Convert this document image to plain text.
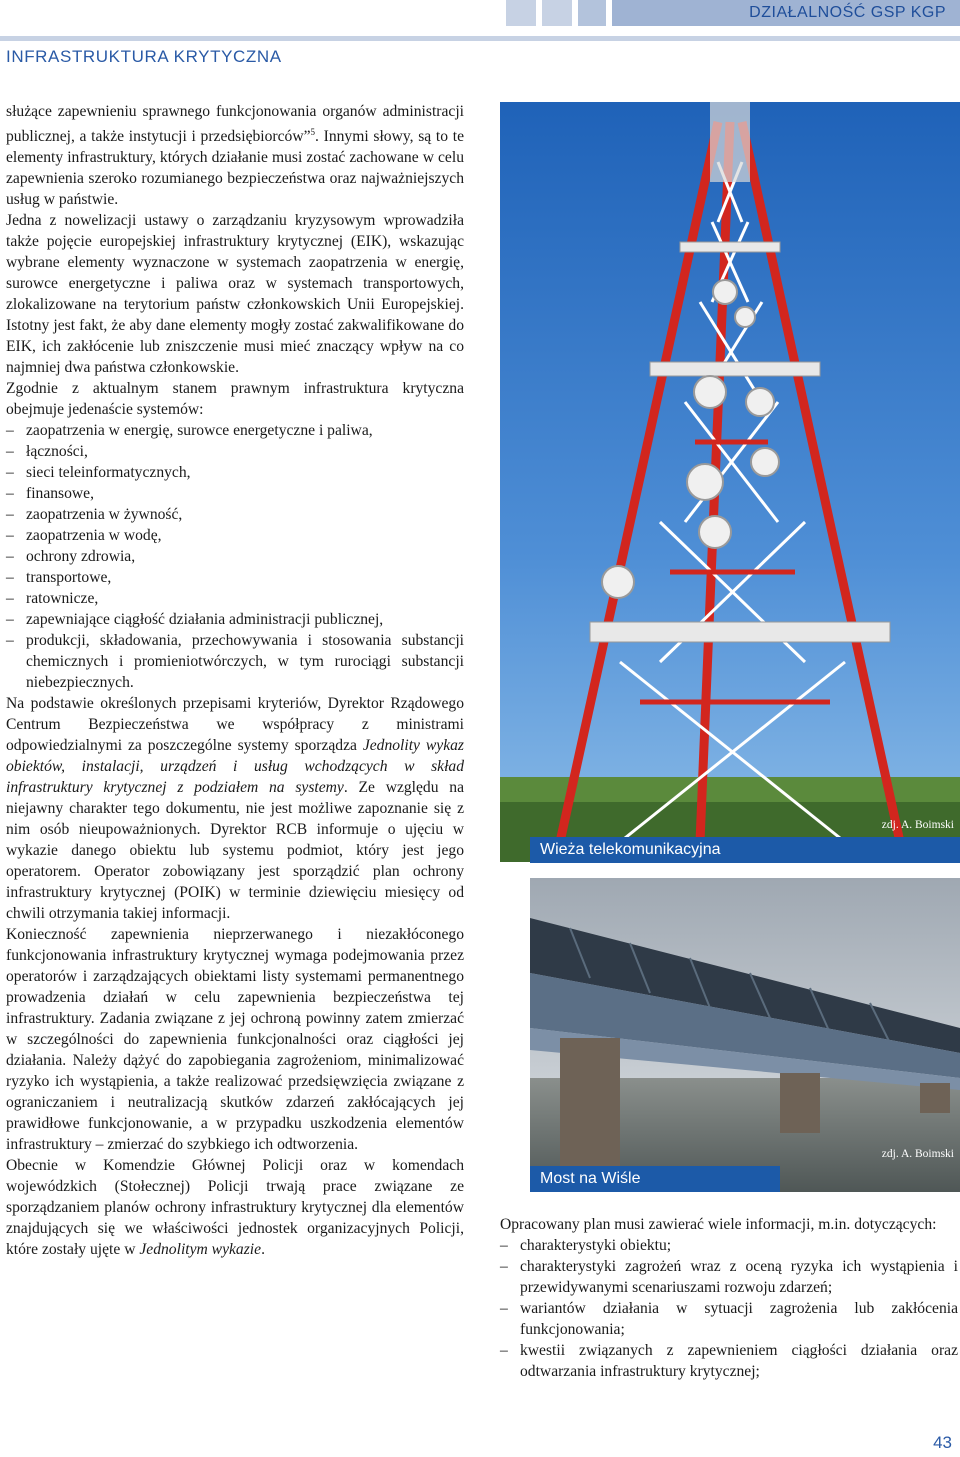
DZIAŁALNOŚĆ GSP KGP
INFRASTRUKTURA KRYTYCZNA

służące zapewnieniu sprawnego funkcjonowania organów administracji publicznej, a także instytucji i przedsiębiorców”$^5$. Innymi słowy, są to te elementy infrastruktury, których działanie musi zostać zachowane w celu zapewnienia szeroko rozumianego bezpieczeństwa oraz najważniejszych usług w państwie.

Jedna z nowelizacji ustawy o zarządzaniu kryzysowym wprowadziła także pojęcie europejskiej infrastruktury krytycznej (EIK), wskazując wybrane elementy wyznaczone w systemach zaopatrzenia w energię, surowce energetyczne i paliwa oraz w systemach transportowych, zlokalizowane na terytorium państw członkowskich Unii Europejskiej. Istotny jest fakt, że aby dane elementy mogły zostać zakwalifikowane do EIK, ich zakłócenie lub zniszczenie musi mieć znaczący wpływ na co najmniej dwa państwa członkowskie.

Zgodnie z aktualnym stanem prawnym infrastruktura krytyczna obejmuje jedenaście systemów:

– zaopatrzenia w energię, surowce energetyczne i paliwa,
– łączności,
– sieci teleinformatycznych,
– finansowe,
– zaopatrzenia w żywność,
– zaopatrzenia w wodę,
– ochrony zdrowia,
– transportowe,
– ratownicze,
– zapewniające ciągłość działania administracji publicznej,
– produkcji, składowania, przechowywania i stosowania substancji chemicznych i promieniotwórczych, w tym rurociągi substancji niebezpiecznych.

Na podstawie określonych przepisami kryteriów, Dyrektor Rządowego Centrum Bezpieczeństwa we współpracy z ministrami odpowiedzialnymi za poszczególne systemy sporządza Jednolity wykaz obiektów, instalacji, urządzeń i usług wchodzących w skład infrastruktury krytycznej z podziałem na systemy. Ze względu na niejawny charakter tego dokumentu, nie jest możliwe zapoznanie się z nim osób nieupoważnionych. Dyrektor RCB informuje o ujęciu w wykazie danego obiektu lub systemu podmiot, który jest jego operatorem. Operator zobowiązany jest sporządzić plan ochrony infrastruktury krytycznej (POIK) w terminie dziewięciu miesięcy od chwili otrzymania takiej informacji.

Konieczność zapewnienia nieprzerwanego i niezakłóconego funkcjonowania infrastruktury krytycznej wymaga podejmowania przez operatorów i zarządzających obiektami listy systemami permanentnego prowadzenia działań w celu zapewnienia bezpieczeństwa tej infrastruktury. Zadania związane z jej ochroną powinny zatem zmierzać w szczególności do zapewnienia funkcjonalności oraz ciągłości jej działania. Należy dążyć do zapobiegania zagrożeniom, minimalizować ryzyko ich wystąpienia, a także realizować przedsięwzięcia związane z ograniczaniem i neutralizacją skutków zdarzeń zakłócających jej prawidłowe funkcjonowanie, a w przypadku uszkodzenia elementów infrastruktury – zmierzać do szybkiego ich odtworzenia.

Obecnie w Komendzie Głównej Policji oraz w komendach wojewódzkich (Stołecznej) Policji trwają prace związane ze sporządzaniem planów ochrony infrastruktury krytycznej dla elementów znajdujących się we właściwości jednostek organizacyjnych Policji, które zostały ujęte w Jednolitym wykazie.

Wieża telekomunikacyjna
zdj. A. Boimski
Most na Wiśle
zdj. A. Boimski

Opracowany plan musi zawierać wiele informacji, m.in. dotyczących:

– charakterystyki obiektu;
– charakterystyki zagrożeń wraz z oceną ryzyka ich wystąpienia i przewidywanymi scenariuszami rozwoju zdarzeń;
– wariantów działania w sytuacji zagrożenia lub zakłócenia funkcjonowania;
– kwestii związanych z zapewnieniem ciągłości działania oraz odtwarzania infrastruktury krytycznej;
43
